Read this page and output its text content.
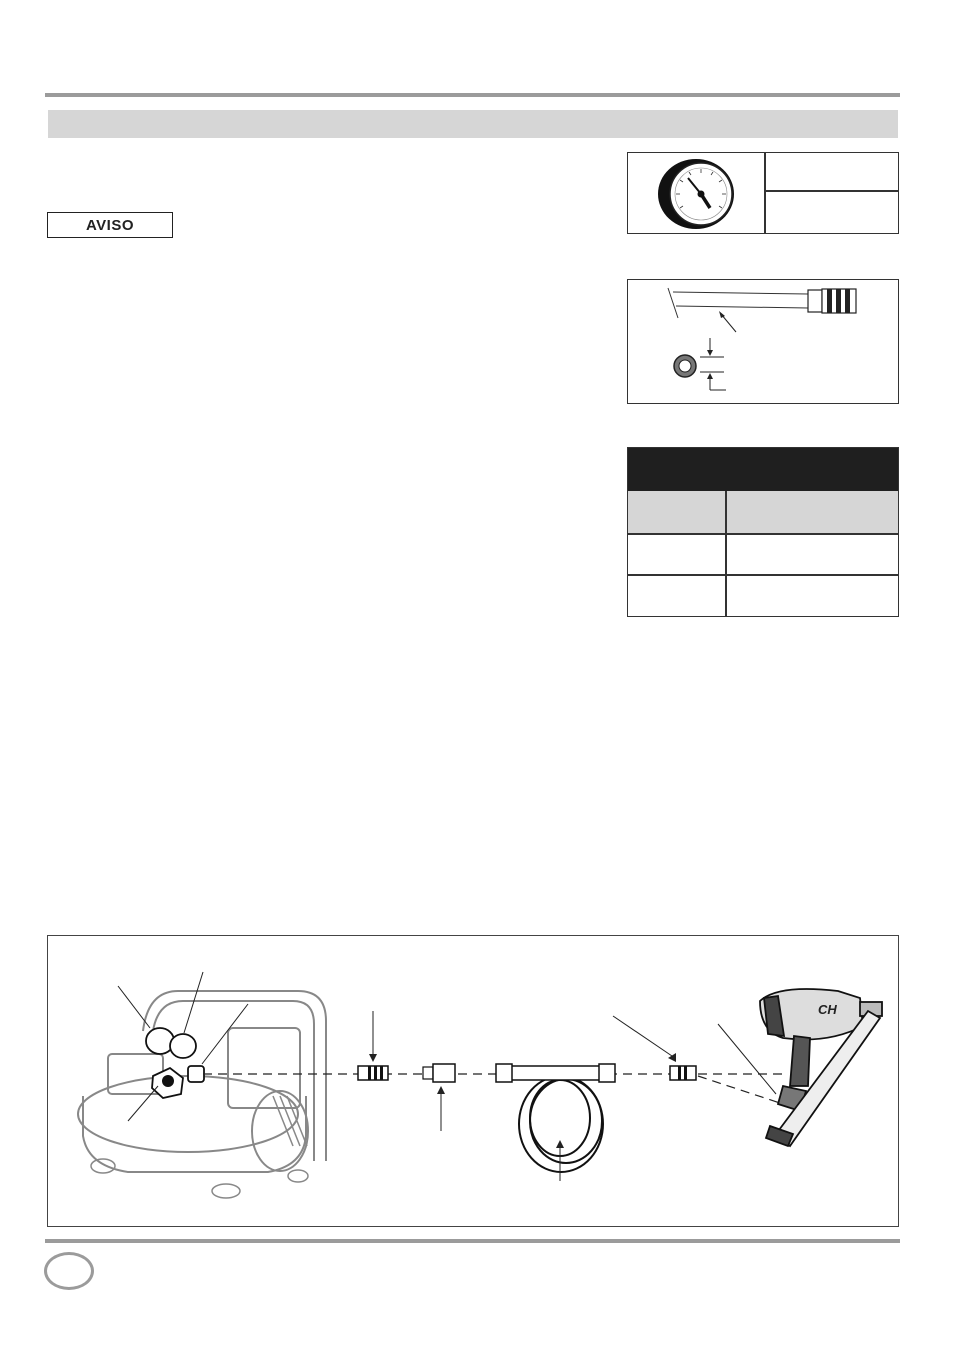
AVISO
CH
